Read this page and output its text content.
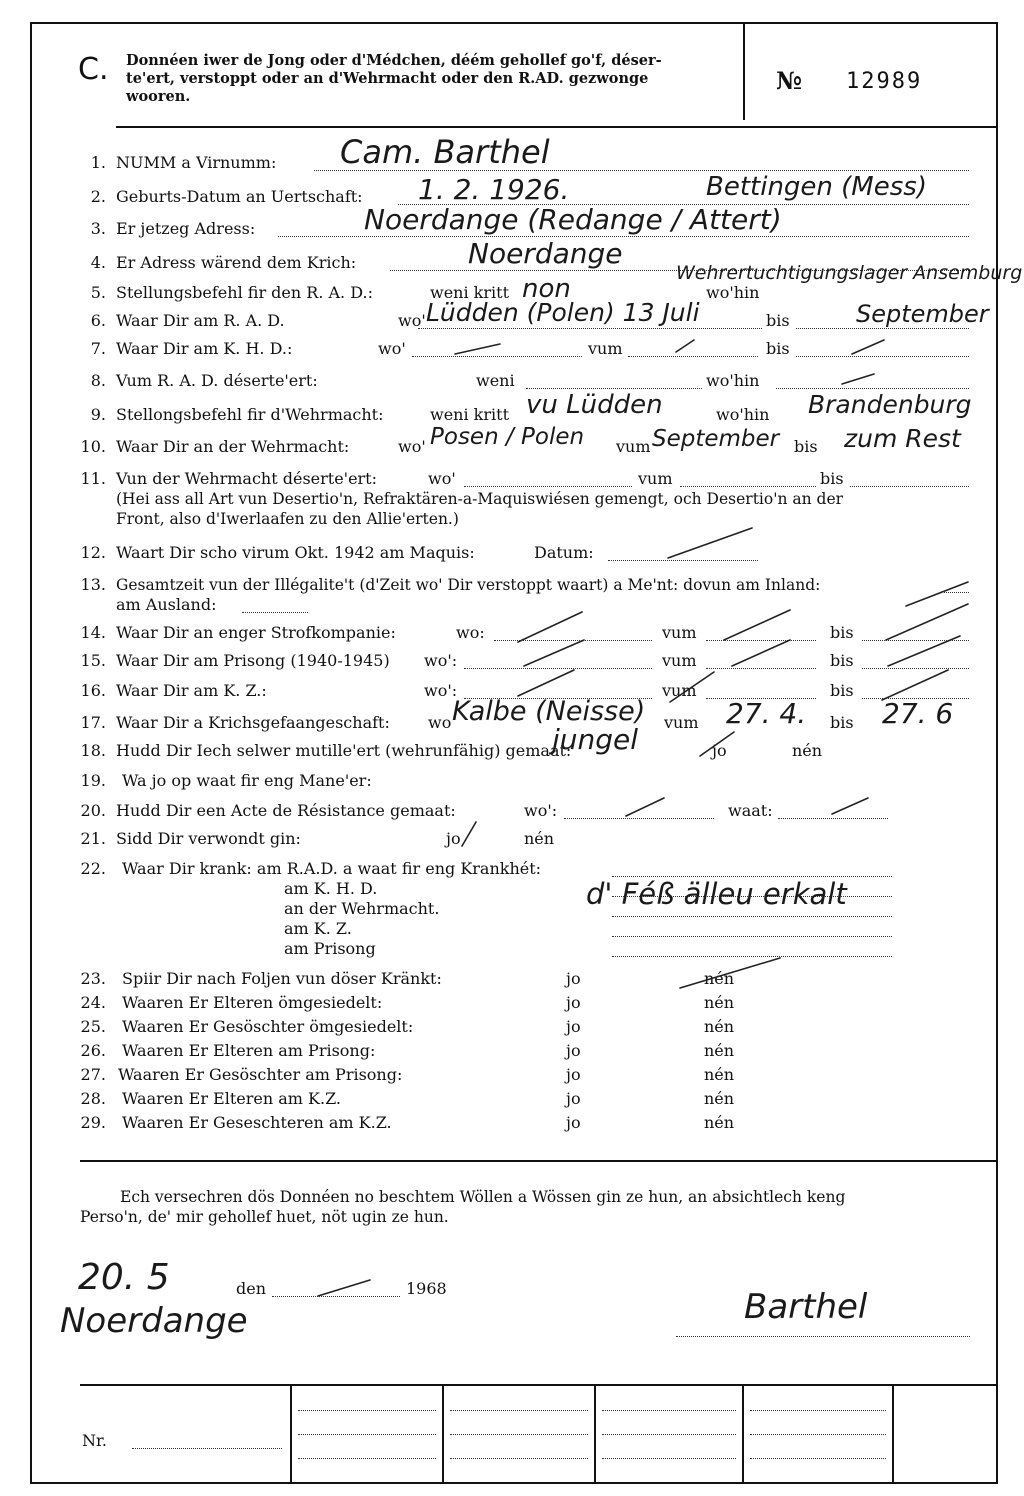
C. Donnéen iwer de Jong oder d'Médchen, déém gehollef go'f, déser-
te'ert, verstoppt oder an d'Wehrmacht oder den R.AD. gezwonge
wooren.
№ 12989
1. NUMM a Virnumm: Cam. Barthel
2. Geburts-Datum an Uertschaft: 1. 2. 1926.	Bettingen (Mess)
3. Er jetzeg Adress:	Noerdange (Redange / Attert)
4. Er Adress wärend dem Krich:	Noerdange
5. Stellungsbefehl fir den R. A. D.:	weni kritt	wo'hin
non
Wehrertuchtigungslager Ansemburg
6. Waar Dir am R. A. D.	wo'	bis
Lüdden (Polen) 13 Juli	September
7. Waar Dir am K. H. D.:	wo'	vum	bis
8. Vum R. A. D. déserte'ert:	weni	wo'hin
9. Stellongsbefehl fir d'Wehrmacht:	weni kritt	wo'hin
vu Lüdden	Brandenburg
10. Waar Dir an der Wehrmacht:	wo'	vum	bis
Posen / Polen	September	zum Rest
11. Vun der Wehrmacht déserte'ert:	wo'	vum	bis
(Hei ass all Art vun Desertio'n, Refraktären-a-Maquiswiésen gemengt, och Desertio'n an der
Front, also d'Iwerlaafen zu den Allie'erten.)
12. Waart Dir scho virum Okt. 1942 am Maquis:	Datum:
13. Gesamtzeit vun der Illégalite't (d'Zeit wo' Dir verstoppt waart) a Me'nt: dovun am Inland:
am Ausland:
14. Waar Dir an enger Strofkompanie:	wo:	vum	bis
15. Waar Dir am Prisong (1940-1945) wo':	vum	bis
16. Waar Dir am K. Z.:	wo':	vum	bis
17. Waar Dir a Krichsgefaangeschaft: wo	vum	bis
Kalbe (Neisse)	27. 4.	27. 6
18. Hudd Dir Iech selwer mutille'ert (wehrunfähig) gemaat:	jo	nén
jungel
19. Wa jo op waat fir eng Mane'er:
20. Hudd Dir een Acte de Résistance gemaat:	wo':	waat:
21. Sidd Dir verwondt gin:	jo	nén
22. Waar Dir krank: am R.A.D. a waat fir eng Krankhét:
am K. H. D.
an der Wehrmacht.
am K. Z.
am Prisong
d' Féß älleu erkalt
23. Spiir Dir nach Foljen vun döser Kränkt:	jo	nén
24. Waaren Er Elteren ömgesiedelt:	jo	nén
25. Waaren Er Gesöschter ömgesiedelt:	jo	nén
26. Waaren Er Elteren am Prisong:	jo	nén
27. Waaren Er Gesöschter am Prisong:	jo	nén
28. Waaren Er Elteren am K.Z.	jo	nén
29. Waaren Er Geseschteren am K.Z.	jo	nén
Ech versechren dös Donnéen no beschtem Wöllen a Wössen gin ze hun, an absichtlech keng
Perso'n, de' mir gehollef huet, nöt ugin ze hun.
20. 5	den	1968
Noerdange	Barthel
Nr.
